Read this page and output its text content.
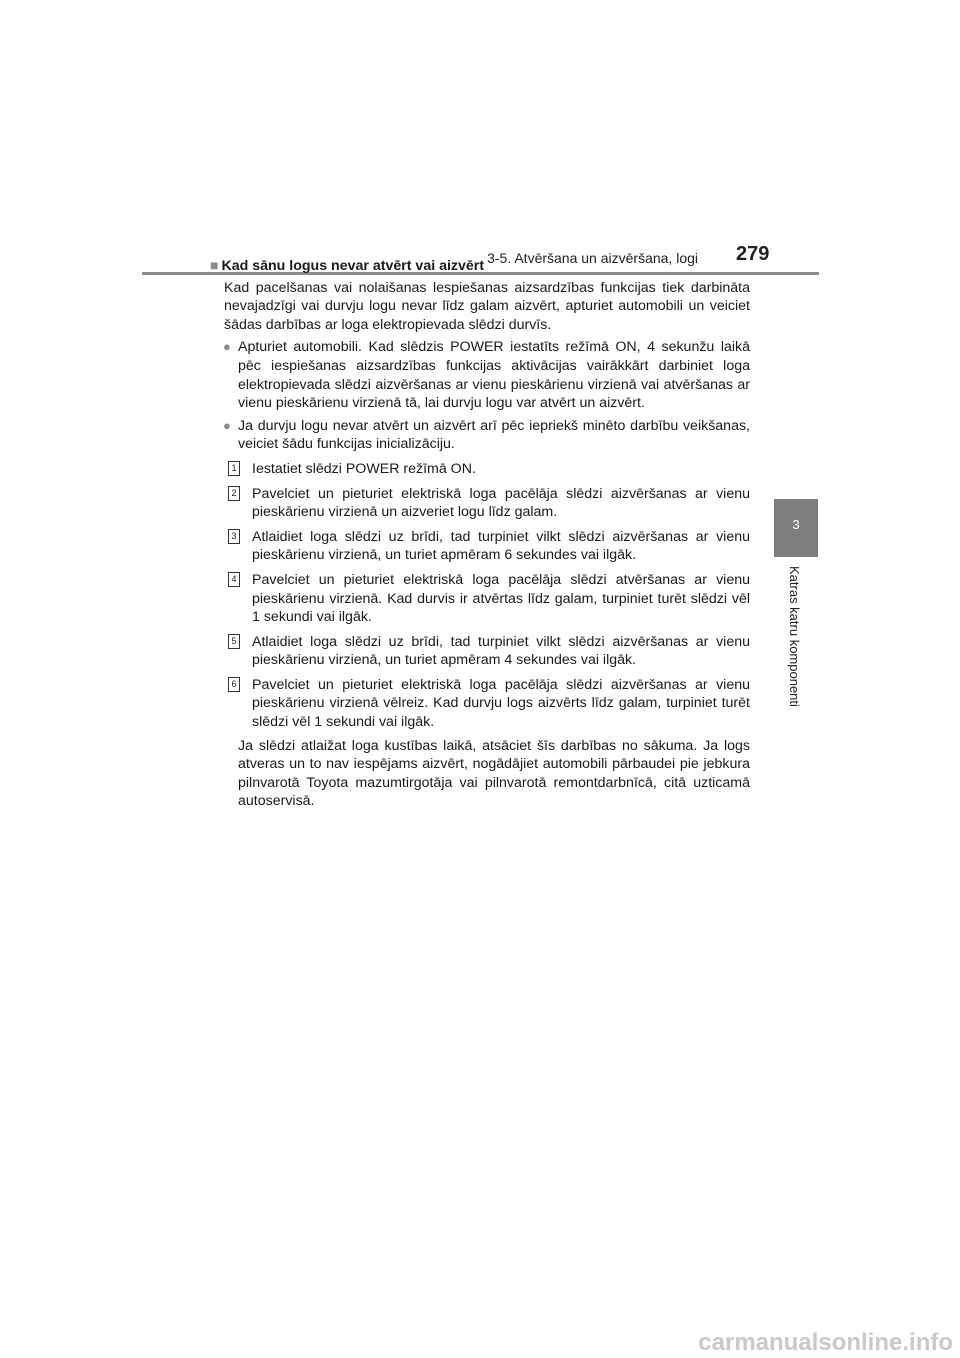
3-5. Atvēršana un aizvēršana, logi 279
3
Katras katru komponenti
■ Kad sānu logus nevar atvērt vai aizvērt
Kad pacelšanas vai nolaišanas lespiešanas aizsardzības funkcijas tiek darbināta nevajadzīgi vai durvju logu nevar līdz galam aizvērt, apturiet automobili un veiciet šādas darbības ar loga elektropievada slēdzi durvīs.
● Apturiet automobili. Kad slēdzis POWER iestatīts režīmā ON, 4 sekunžu laikā pēc iespiešanas aizsardzības funkcijas aktivācijas vairākkārt darbiniet loga elektropievada slēdzi aizvēršanas ar vienu pieskārienu virzienā vai atvēršanas ar vienu pieskārienu virzienā tā, lai durvju logu var atvērt un aizvērt.
● Ja durvju logu nevar atvērt un aizvērt arī pēc iepriekš minēto darbību veikšanas, veiciet šādu funkcijas inicializāciju.
1 Iestatiet slēdzi POWER režīmā ON.
2 Pavelciet un pieturiet elektriskā loga pacēlāja slēdzi aizvēršanas ar vienu pieskārienu virzienā un aizveriet logu līdz galam.
3 Atlaidiet loga slēdzi uz brīdi, tad turpiniet vilkt slēdzi aizvēršanas ar vienu pieskārienu virzienā, un turiet apmēram 6 sekundes vai ilgāk.
4 Pavelciet un pieturiet elektriskā loga pacēlāja slēdzi atvēršanas ar vienu pieskārienu virzienā. Kad durvis ir atvērtas līdz galam, turpiniet turēt slēdzi vēl 1 sekundi vai ilgāk.
5 Atlaidiet loga slēdzi uz brīdi, tad turpiniet vilkt slēdzi aizvēršanas ar vienu pieskārienu virzienā, un turiet apmēram 4 sekundes vai ilgāk.
6 Pavelciet un pieturiet elektriskā loga pacēlāja slēdzi aizvēršanas ar vienu pieskārienu virzienā vēlreiz. Kad durvju logs aizvērts līdz galam, turpiniet turēt slēdzi vēl 1 sekundi vai ilgāk.
Ja slēdzi atlaižat loga kustības laikā, atsāciet šīs darbības no sākuma. Ja logs atveras un to nav iespējams aizvērt, nogādājiet automobili pārbaudei pie jebkura pilnvarotā Toyota mazumtirgotāja vai pilnvarotā remontdarbnīcā, citā uzticamā autoservisā.
carmanualsonline.info
